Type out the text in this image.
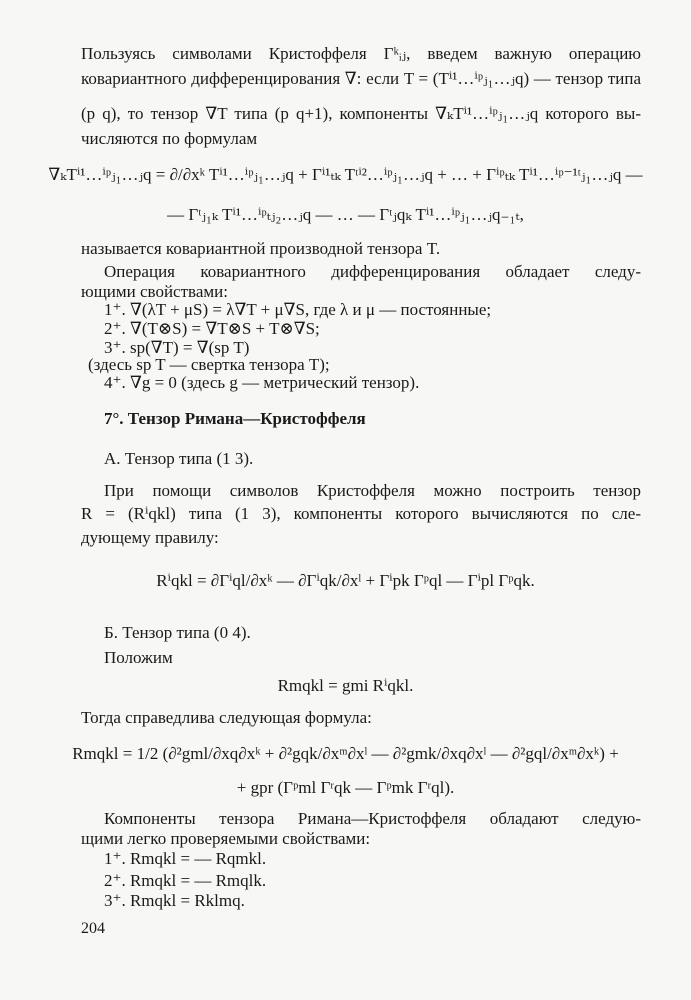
Пользуясь символами Кристоффеля Γᵏᵢⱼ, введем важную операцию
ковариантного дифференцирования ∇: если T = (Tⁱ¹…ⁱᵖⱼ₁…ⱼq) — тензор типа
(p q), то тензор ∇T типа (p q+1), компоненты ∇ₖTⁱ¹…ⁱᵖⱼ₁…ⱼq которого вы-
числяются по формулам
∇ₖTⁱ¹…ⁱᵖⱼ₁…ⱼq = ∂/∂xᵏ Tⁱ¹…ⁱᵖⱼ₁…ⱼq + Γⁱ¹ₜₖ Tᵗⁱ²…ⁱᵖⱼ₁…ⱼq + … + Γⁱᵖₜₖ Tⁱ¹…ⁱᵖ⁻¹ᵗⱼ₁…ⱼq —
— Γᵗⱼ₁ₖ Tⁱ¹…ⁱᵖₜⱼ₂…ⱼq — … — Γᵗⱼqₖ Tⁱ¹…ⁱᵖⱼ₁…ⱼq₋₁ₜ,
называется ковариантной производной тензора T.
Операция ковариантного дифференцирования обладает следу-
ющими свойствами:
1⁺. ∇(λT + μS) = λ∇T + μ∇S, где λ и μ — постоянные;
2⁺. ∇(T⊗S) = ∇T⊗S + T⊗∇S;
3⁺. sp(∇T) = ∇(sp T)
(здесь sp T — свертка тензора T);
4⁺. ∇g = 0 (здесь g — метрический тензор).
7°. Тензор Римана—Кристоффеля
А. Тензор типа (1 3).
При помощи символов Кристоффеля можно построить тензор
R = (Rⁱqkl) типа (1 3), компоненты которого вычисляются по сле-
дующему правилу:
Rⁱqkl = ∂Γⁱql/∂xᵏ — ∂Γⁱqk/∂xˡ + Γⁱpk Γᵖql — Γⁱpl Γᵖqk.
Б. Тензор типа (0 4).
Положим
Rmqkl = gmi Rⁱqkl.
Тогда справедлива следующая формула:
Rmqkl = 1/2 (∂²gml/∂xq∂xᵏ + ∂²gqk/∂xᵐ∂xˡ — ∂²gmk/∂xq∂xˡ — ∂²gql/∂xᵐ∂xᵏ) +
+ gpr (Γᵖml Γʳqk — Γᵖmk Γʳql).
Компоненты тензора Римана—Кристоффеля обладают следую-
щими легко проверяемыми свойствами:
1⁺. Rmqkl = — Rqmkl.
2⁺. Rmqkl = — Rmqlk.
3⁺. Rmqkl = Rklmq.
204
